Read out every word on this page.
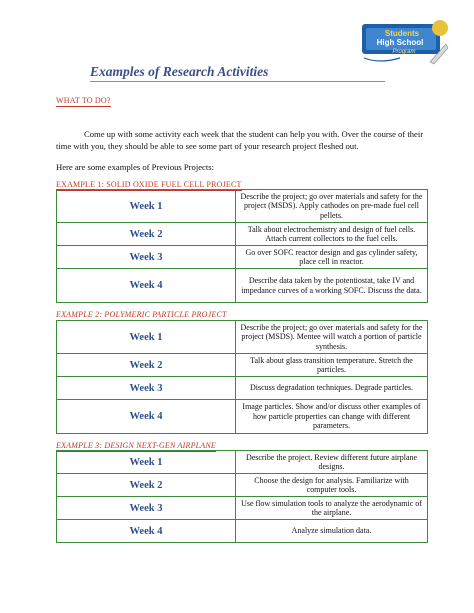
Students
High School
Program
Examples of Research Activities
WHAT TO DO?
Come up with some activity each week that the student can help you with. Over the course of their time with you, they should be able to see some part of your research project fleshed out.
Here are some examples of Previous Projects:
EXAMPLE 1: SOLID OXIDE FUEL CELL PROJECT
Week 1	Describe the project; go over materials and safety for the project (MSDS). Apply cathodes on pre-made fuel cell pellets.
Week 2	Talk about electrochemistry and design of fuel cells. Attach current collectors to the fuel cells.
Week 3	Go over SOFC reactor design and gas cylinder safety, place cell in reactor.
Week 4	Describe data taken by the potentiostat, take IV and impedance curves of a working SOFC. Discuss the data.
EXAMPLE 2: POLYMERIC PARTICLE PROJECT
Week 1	Describe the project; go over materials and safety for the project (MSDS). Mentee will watch a portion of particle synthesis.
Week 2	Talk about glass transition temperature. Stretch the particles.
Week 3	Discuss degradation techniques. Degrade particles.
Week 4	Image particles. Show and/or discuss other examples of how particle properties can change with different parameters.
EXAMPLE 3: DESIGN NEXT-GEN AIRPLANE
Week 1	Describe the project. Review different future airplane designs.
Week 2	Choose the design for analysis. Familiarize with computer tools.
Week 3	Use flow simulation tools to analyze the aerodynamic of the airplane.
Week 4	Analyze simulation data.
